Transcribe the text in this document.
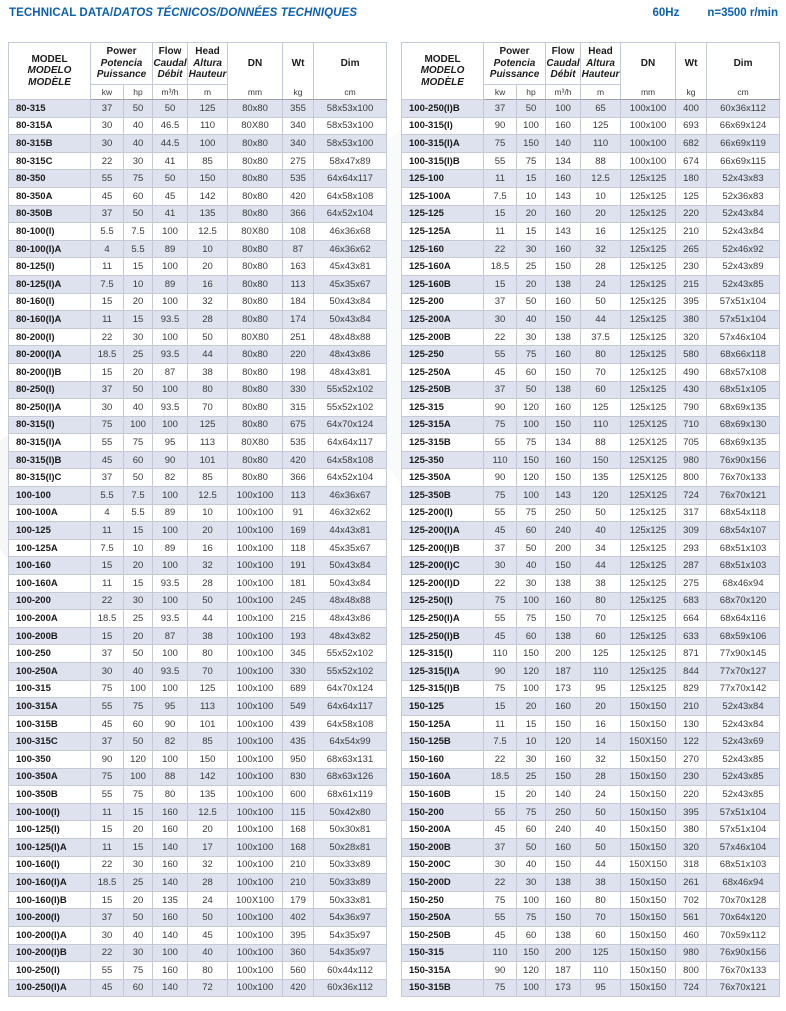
TECHNICAL DATA/DATOS TÉCNICOS/DONNÉES TECHNIQUES	60Hz n=3500 r/min
MODEL
MODELO
MODÈLE	Power
Potencia
Puissance		Flow
Caudal
Débit	Head
Altura
Hauteur	DN	Wt	Dim

	kw	hp	m³/h	m	mm	kg	cm
80-315	37	50	50	125	80x80	355	58x53x100
80-315A	30	40	46.5	110	80X80	340	58x53x100
80-315B	30	40	44.5	100	80x80	340	58x53x100
80-315C	22	30	41	85	80x80	275	58x47x89
80-350	55	75	50	150	80x80	535	64x64x117
80-350A	45	60	45	142	80x80	420	64x58x108
80-350B	37	50	41	135	80x80	366	64x52x104
80-100(I)	5.5	7.5	100	12.5	80X80	108	46x36x68
80-100(I)A	4	5.5	89	10	80x80	87	46x36x62
80-125(I)	11	15	100	20	80x80	163	45x43x81
80-125(I)A	7.5	10	89	16	80x80	113	45x35x67
80-160(I)	15	20	100	32	80x80	184	50x43x84
80-160(I)A	11	15	93.5	28	80x80	174	50x43x84
80-200(I)	22	30	100	50	80X80	251	48x48x88
80-200(I)A	18.5	25	93.5	44	80x80	220	48x43x86
80-200(I)B	15	20	87	38	80x80	198	48x43x81
80-250(I)	37	50	100	80	80x80	330	55x52x102
80-250(I)A	30	40	93.5	70	80x80	315	55x52x102
80-315(I)	75	100	100	125	80x80	675	64x70x124
80-315(I)A	55	75	95	113	80X80	535	64x64x117
80-315(I)B	45	60	90	101	80x80	420	64x58x108
80-315(I)C	37	50	82	85	80x80	366	64x52x104
100-100	5.5	7.5	100	12.5	100x100	113	46x36x67
100-100A	4	5.5	89	10	100x100	91	46x32x62
100-125	11	15	100	20	100x100	169	44x43x81
100-125A	7.5	10	89	16	100x100	118	45x35x67
100-160	15	20	100	32	100x100	191	50x43x84
100-160A	11	15	93.5	28	100x100	181	50x43x84
100-200	22	30	100	50	100x100	245	48x48x88
100-200A	18.5	25	93.5	44	100x100	215	48x43x86
100-200B	15	20	87	38	100x100	193	48x43x82
100-250	37	50	100	80	100x100	345	55x52x102
100-250A	30	40	93.5	70	100x100	330	55x52x102
100-315	75	100	100	125	100x100	689	64x70x124
100-315A	55	75	95	113	100x100	549	64x64x117
100-315B	45	60	90	101	100x100	439	64x58x108
100-315C	37	50	82	85	100x100	435	64x54x99
100-350	90	120	100	150	100x100	950	68x63x131
100-350A	75	100	88	142	100x100	830	68x63x126
100-350B	55	75	80	135	100x100	600	68x61x119
100-100(I)	11	15	160	12.5	100x100	115	50x42x80
100-125(I)	15	20	160	20	100x100	168	50x30x81
100-125(I)A	11	15	140	17	100x100	168	50x28x81
100-160(I)	22	30	160	32	100x100	210	50x33x89
100-160(I)A	18.5	25	140	28	100x100	210	50x33x89
100-160(I)B	15	20	135	24	100X100	179	50x33x81
100-200(I)	37	50	160	50	100x100	402	54x36x97
100-200(I)A	30	40	140	45	100x100	395	54x35x97
100-200(I)B	22	30	100	40	100x100	360	54x35x97
100-250(I)	55	75	160	80	100x100	560	60x44x112
100-250(I)A	45	60	140	72	100x100	420	60x36x112
MODEL
MODELO
MODÈLE	Power
Potencia
Puissance		Flow
Caudal
Débit	Head
Altura
Hauteur	DN	Wt	Dim

	kw	hp	m³/h	m	mm	kg	cm
100-250(I)B	37	50	100	65	100x100	400	60x36x112
100-315(I)	90	100	160	125	100x100	693	66x69x124
100-315(I)A	75	150	140	110	100x100	682	66x69x119
100-315(I)B	55	75	134	88	100x100	674	66x69x115
125-100	11	15	160	12.5	125x125	180	52x43x83
125-100A	7.5	10	143	10	125x125	125	52x36x83
125-125	15	20	160	20	125x125	220	52x43x84
125-125A	11	15	143	16	125x125	210	52x43x84
125-160	22	30	160	32	125x125	265	52x46x92
125-160A	18.5	25	150	28	125x125	230	52x43x89
125-160B	15	20	138	24	125x125	215	52x43x85
125-200	37	50	160	50	125x125	395	57x51x104
125-200A	30	40	150	44	125x125	380	57x51x104
125-200B	22	30	138	37.5	125x125	320	57x46x104
125-250	55	75	160	80	125x125	580	68x66x118
125-250A	45	60	150	70	125x125	490	68x57x108
125-250B	37	50	138	60	125x125	430	68x51x105
125-315	90	120	160	125	125x125	790	68x69x135
125-315A	75	100	150	110	125X125	710	68x69x130
125-315B	55	75	134	88	125X125	705	68x69x135
125-350	110	150	160	150	125X125	980	76x90x156
125-350A	90	120	150	135	125X125	800	76x70x133
125-350B	75	100	143	120	125X125	724	76x70x121
125-200(I)	55	75	250	50	125x125	317	68x54x118
125-200(I)A	45	60	240	40	125x125	309	68x54x107
125-200(I)B	37	50	200	34	125x125	293	68x51x103
125-200(I)C	30	40	150	44	125x125	287	68x51x103
125-200(I)D	22	30	138	38	125x125	275	68x46x94
125-250(I)	75	100	160	80	125x125	683	68x70x120
125-250(I)A	55	75	150	70	125x125	664	68x64x116
125-250(I)B	45	60	138	60	125x125	633	68x59x106
125-315(I)	110	150	200	125	125x125	871	77x90x145
125-315(I)A	90	120	187	110	125x125	844	77x70x127
125-315(I)B	75	100	173	95	125x125	829	77x70x142
150-125	15	20	160	20	150x150	210	52x43x84
150-125A	11	15	150	16	150x150	130	52x43x84
150-125B	7.5	10	120	14	150X150	122	52x43x69
150-160	22	30	160	32	150x150	270	52x43x85
150-160A	18.5	25	150	28	150x150	230	52x43x85
150-160B	15	20	140	24	150x150	220	52x43x85
150-200	55	75	250	50	150x150	395	57x51x104
150-200A	45	60	240	40	150x150	380	57x51x104
150-200B	37	50	160	50	150x150	320	57x46x104
150-200C	30	40	150	44	150X150	318	68x51x103
150-200D	22	30	138	38	150x150	261	68x46x94
150-250	75	100	160	80	150x150	702	70x70x128
150-250A	55	75	150	70	150x150	561	70x64x120
150-250B	45	60	138	60	150x150	460	70x59x112
150-315	110	150	200	125	150x150	980	76x90x156
150-315A	90	120	187	110	150x150	800	76x70x133
150-315B	75	100	173	95	150x150	724	76x70x121
